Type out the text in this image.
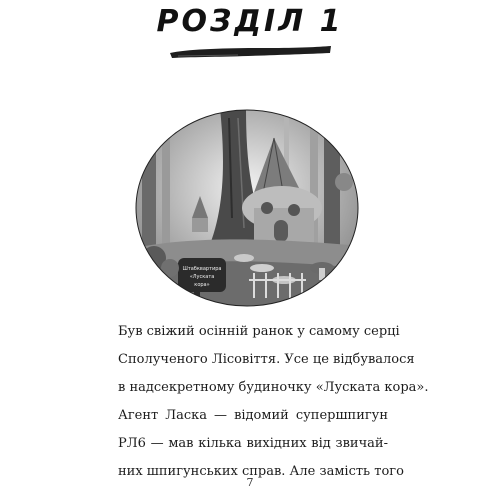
РОЗДІЛ 1
Штабквартира
«Лускатa
кора»
Був свіжий осінній ранок у самому серці
Сполученого Лісовіття. Усе це відбувалося
в надсекретному будиночку «Лускатa кора».
Агент Ласка — відомий супершпигун
РЛ6 — мав кілька вихідних від звичай-
них шпигунських справ. Але замість того
7
